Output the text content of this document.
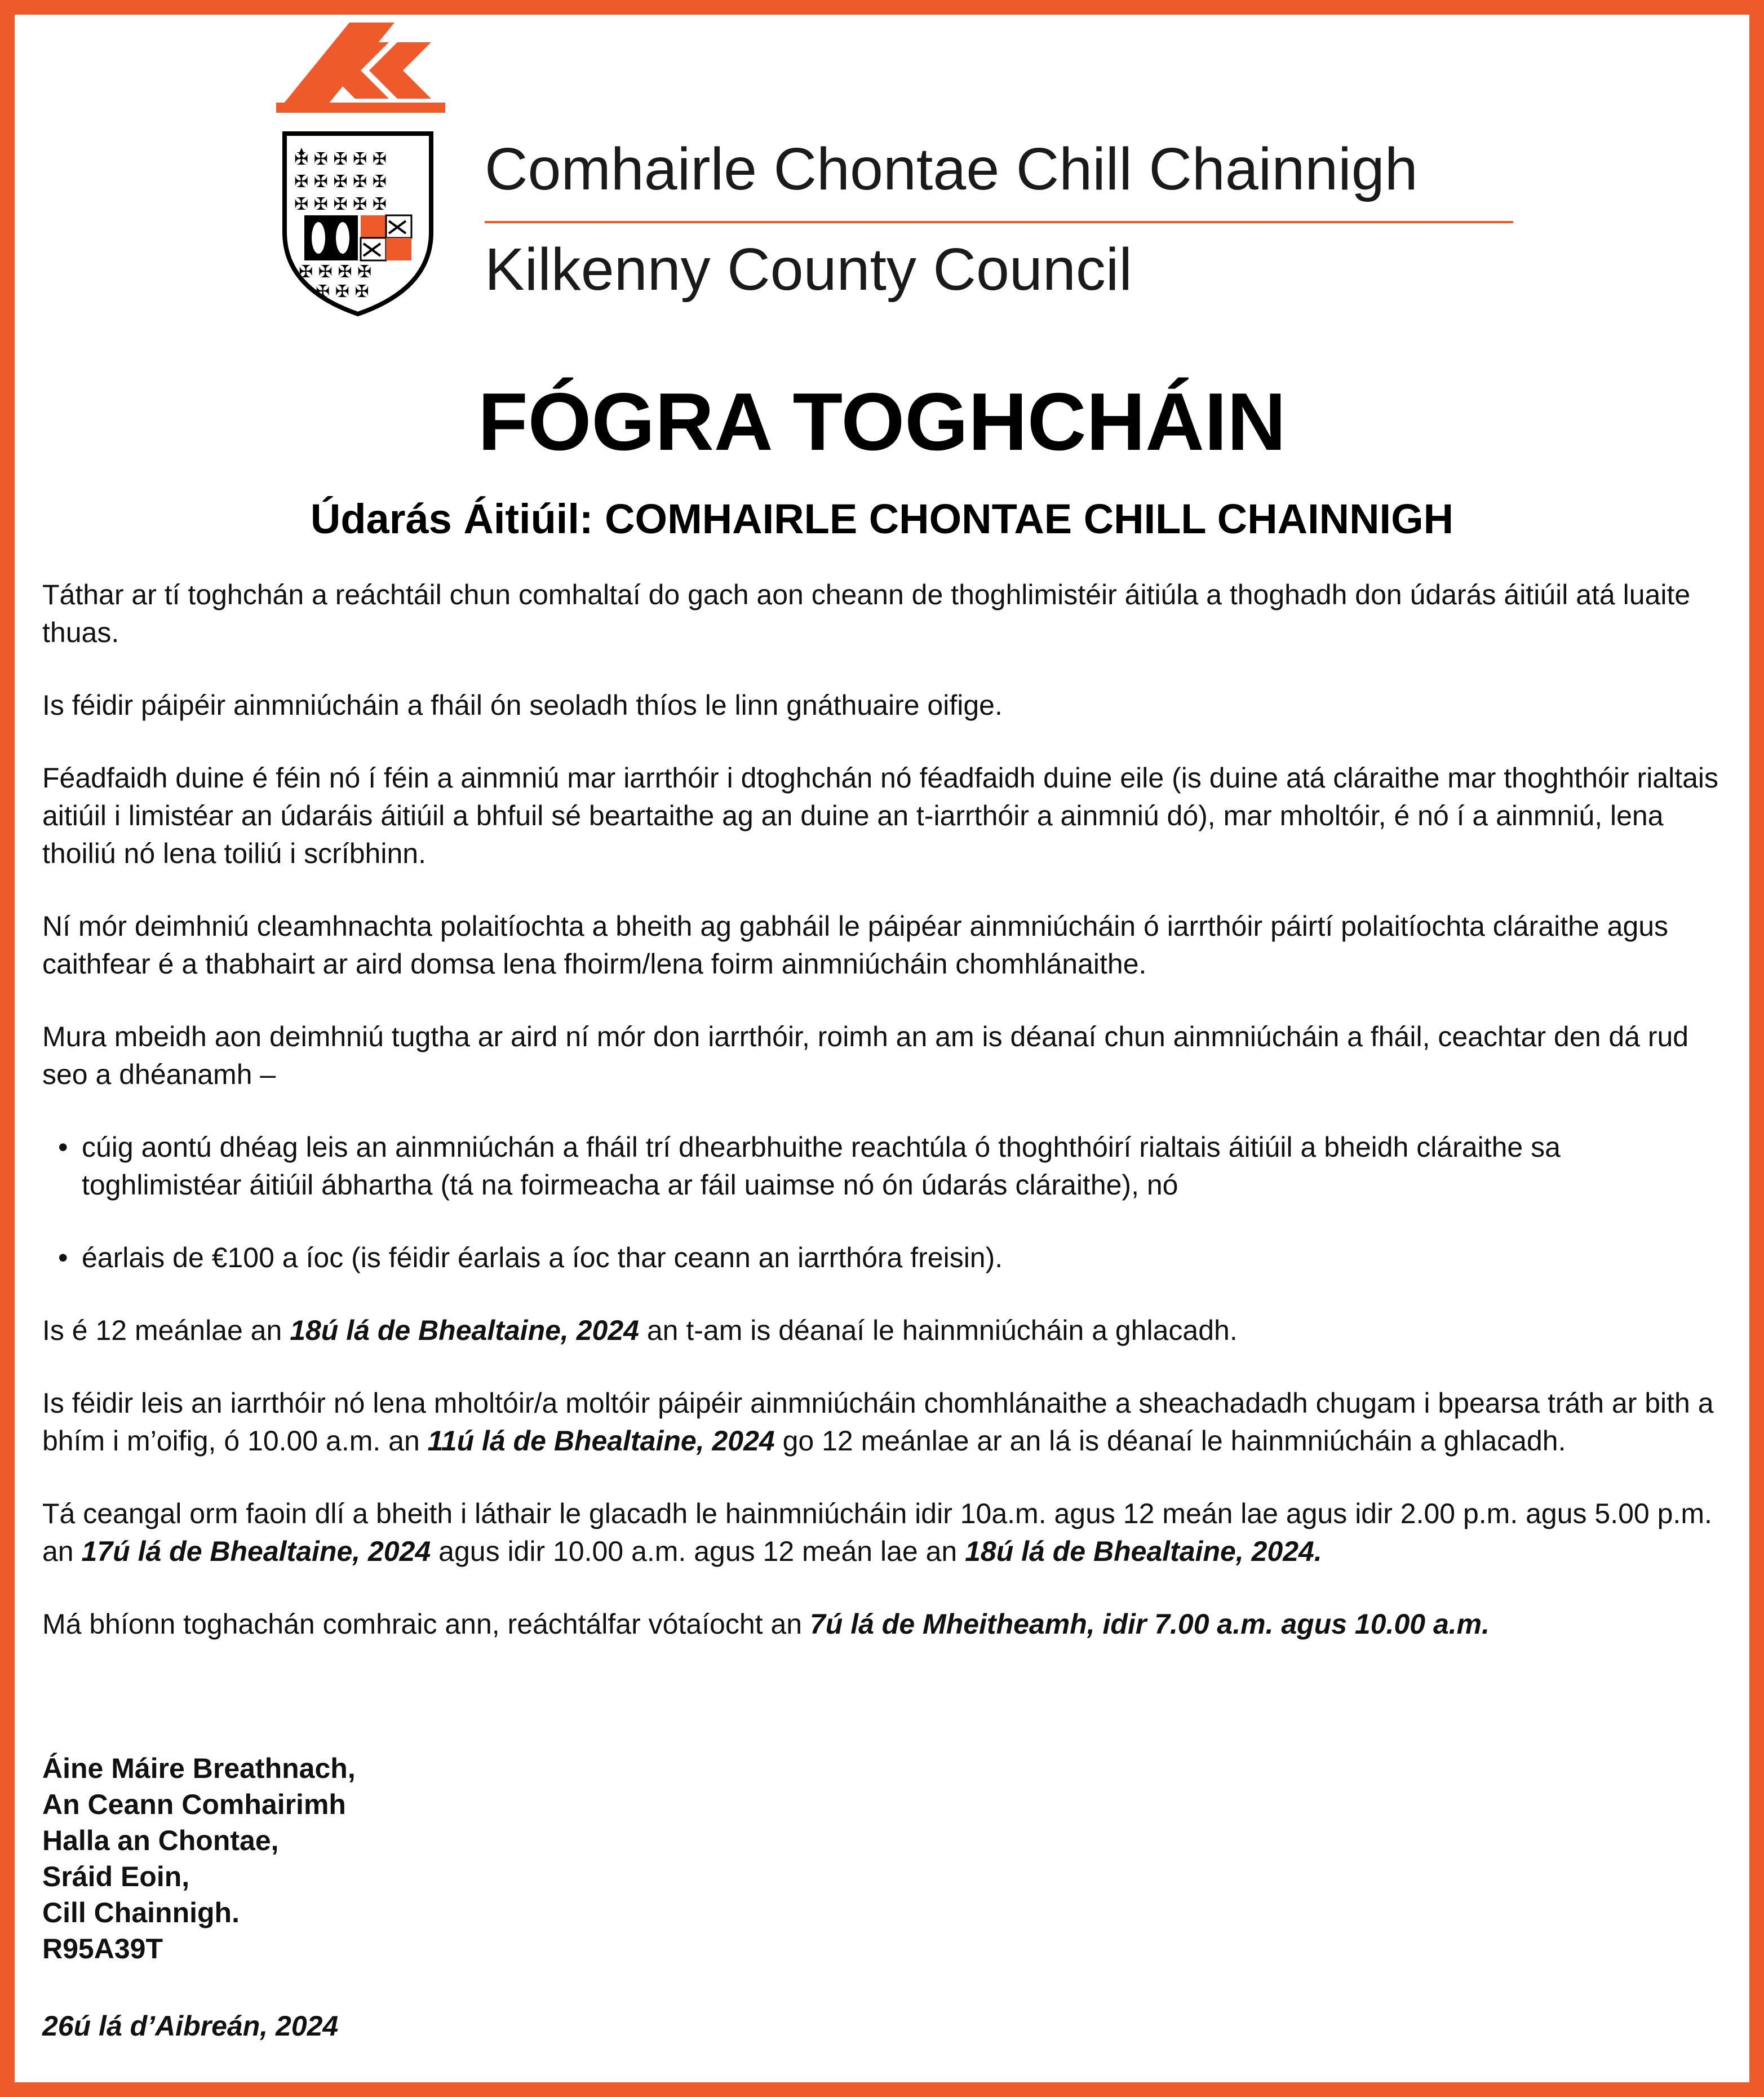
✠ ✠ ✠ ✠ ✠
✠ ✠ ✠ ✠ ✠
✠ ✠ ✠ ✠ ✠
✠ ✠ ✠ ✠
✠ ✠ ✠
Comhairle Chontae Chill Chainnigh
Kilkenny County Council
FÓGRA TOGHCHÁIN
Údarás Áitiúil: COMHAIRLE CHONTAE CHILL CHAINNIGH

Táthar ar tí toghchán a reáchtáil chun comhaltaí do gach aon cheann de thoghlimistéir áitiúla a thoghadh don údarás áitiúil atá luaite thuas.

Is féidir páipéir ainmniúcháin a fháil ón seoladh thíos le linn gnáthuaire oifige.

Féadfaidh duine é féin nó í féin a ainmniú mar iarrthóir i dtoghchán nó féadfaidh duine eile (is duine atá cláraithe mar thoghthóir rialtais aitiúil i limistéar an údaráis áitiúil a bhfuil sé beartaithe ag an duine an t-iarrthóir a ainmniú dó), mar mholtóir, é nó í a ainmniú, lena thoiliú nó lena toiliú i scríbhinn.

Ní mór deimhniú cleamhnachta polaitíochta a bheith ag gabháil le páipéar ainmniúcháin ó iarrthóir páirtí polaitíochta cláraithe agus caithfear é a thabhairt ar aird domsa lena fhoirm/lena foirm ainmniúcháin chomhlánaithe.

Mura mbeidh aon deimhniú tugtha ar aird ní mór don iarrthóir, roimh an am is déanaí chun ainmniúcháin a fháil, ceachtar den dá rud seo a dhéanamh –

• cúig aontú dhéag leis an ainmniúchán a fháil trí dhearbhuithe reachtúla ó thoghthóirí rialtais áitiúil a bheidh cláraithe sa toghlimistéar áitiúil ábhartha (tá na foirmeacha ar fáil uaimse nó ón údarás cláraithe), nó
• éarlais de €100 a íoc (is féidir éarlais a íoc thar ceann an iarrthóra freisin).

Is é 12 meánlae an 18ú lá de Bhealtaine, 2024 an t-am is déanaí le hainmniúcháin a ghlacadh.

Is féidir leis an iarrthóir nó lena mholtóir/a moltóir páipéir ainmniúcháin chomhlánaithe a sheachadadh chugam i bpearsa tráth ar bith a bhím i m’oifig, ó 10.00 a.m. an 11ú lá de Bhealtaine, 2024 go 12 meánlae ar an lá is déanaí le hainmniúcháin a ghlacadh.

Tá ceangal orm faoin dlí a bheith i láthair le glacadh le hainmniúcháin idir 10a.m. agus 12 meán lae agus idir 2.00 p.m. agus 5.00 p.m. an 17ú lá de Bhealtaine, 2024 agus idir 10.00 a.m. agus 12 meán lae an 18ú lá de Bhealtaine, 2024.

Má bhíonn toghachán comhraic ann, reáchtálfar vótaíocht an 7ú lá de Mheitheamh, idir 7.00 a.m. agus 10.00 a.m.

Áine Máire Breathnach,
An Ceann Comhairimh
Halla an Chontae,
Sráid Eoin,
Cill Chainnigh.
R95A39T
26ú lá d’Aibreán, 2024
